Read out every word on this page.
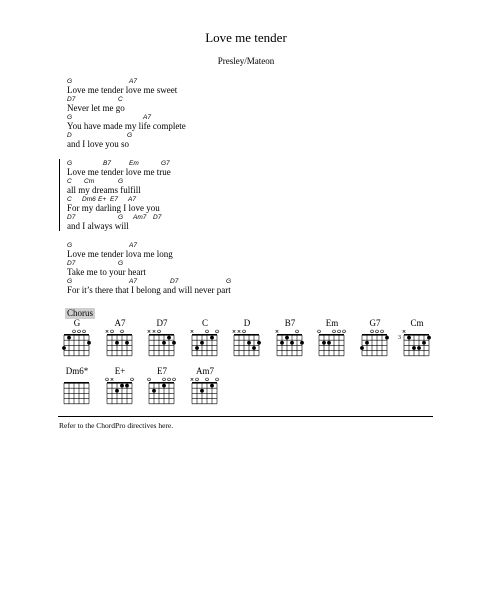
Love me tender
Presley/Mateon
G	A7
Love me tender love me sweet
D7	C
Never let me go
G	A7
You have made my life complete
D	G
and I love you so
G	B7	Em	G7
Love me tender love me true
C Cm	G
all my dreams fulfill
C Dm6 E+ E7 A7
For my darling I love you
D7	G Am7 D7
and I always will
G	A7
Love me tender lova me long
D7	G
Take me to your heart
G	A7	D7	G
For it’s there that I belong and will never part
Chorus
G	A7	D7	C	D	B7	Em	G7	Cm
3
Dm6*	E+	E7	Am7
Refer to the ChordPro directives here.
